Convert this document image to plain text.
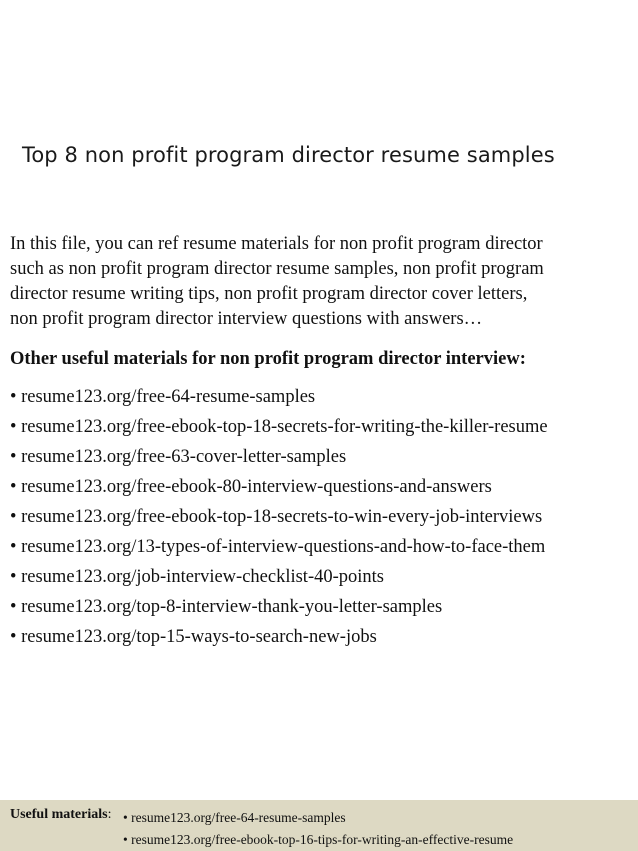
Top 8 non profit program director resume samples
In this file, you can ref resume materials for non profit program director
such as non profit program director resume samples, non profit program
director resume writing tips, non profit program director cover letters,
non profit program director interview questions with answers…
Other useful materials for non profit program director interview:
• resume123.org/free-64-resume-samples
• resume123.org/free-ebook-top-18-secrets-for-writing-the-killer-resume
• resume123.org/free-63-cover-letter-samples
• resume123.org/free-ebook-80-interview-questions-and-answers
• resume123.org/free-ebook-top-18-secrets-to-win-every-job-interviews
• resume123.org/13-types-of-interview-questions-and-how-to-face-them
• resume123.org/job-interview-checklist-40-points
• resume123.org/top-8-interview-thank-you-letter-samples
• resume123.org/top-15-ways-to-search-new-jobs
Useful materials:
•	resume123.org/free-64-resume-samples
• resume123.org/free-ebook-top-16-tips-for-writing-an-effective-resume
